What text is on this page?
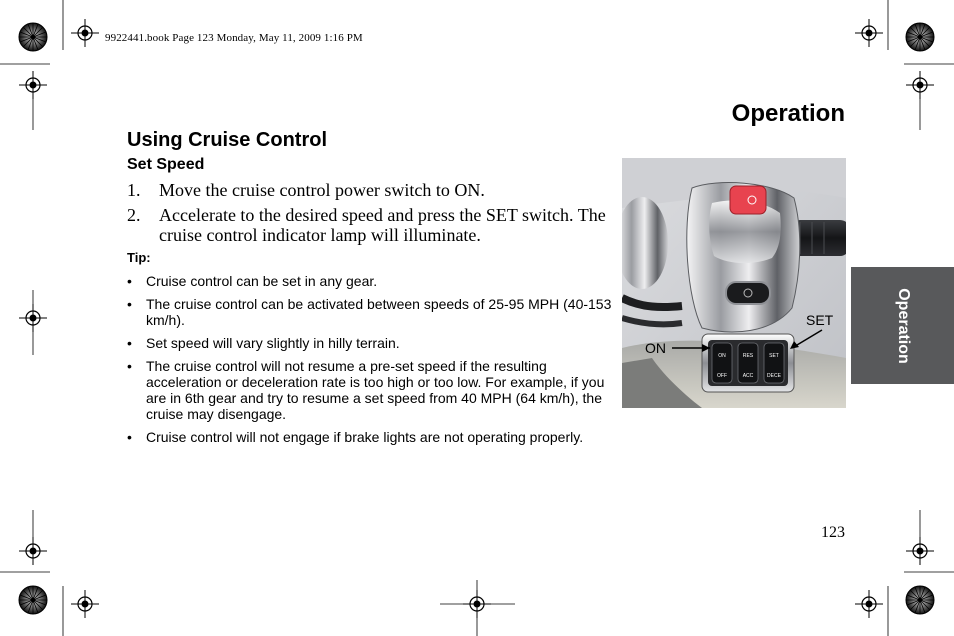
9922441.book Page 123 Monday, May 11, 2009 1:16 PM
Operation
Using Cruise Control
Set Speed
1.	Move the cruise control power switch to ON.
2.	Accelerate to the desired speed and press the SET switch. The cruise control indicator lamp will illuminate.
Tip:
•	Cruise control can be set in any gear.
•	The cruise control can be activated between speeds of 25-95 MPH (40-153 km/h).
•	Set speed will vary slightly in hilly terrain.
•	The cruise control will not resume a pre-set speed if the resulting acceleration or deceleration rate is too high or too low. For example, if you are in 6th gear and try to resume a set speed from 40 MPH (64 km/h), the cruise may disengage.
•	Cruise control will not engage if brake lights are not operating properly.
ON	RES	SET
OFF	ACC	DECE
ON
SET	Operation
123
